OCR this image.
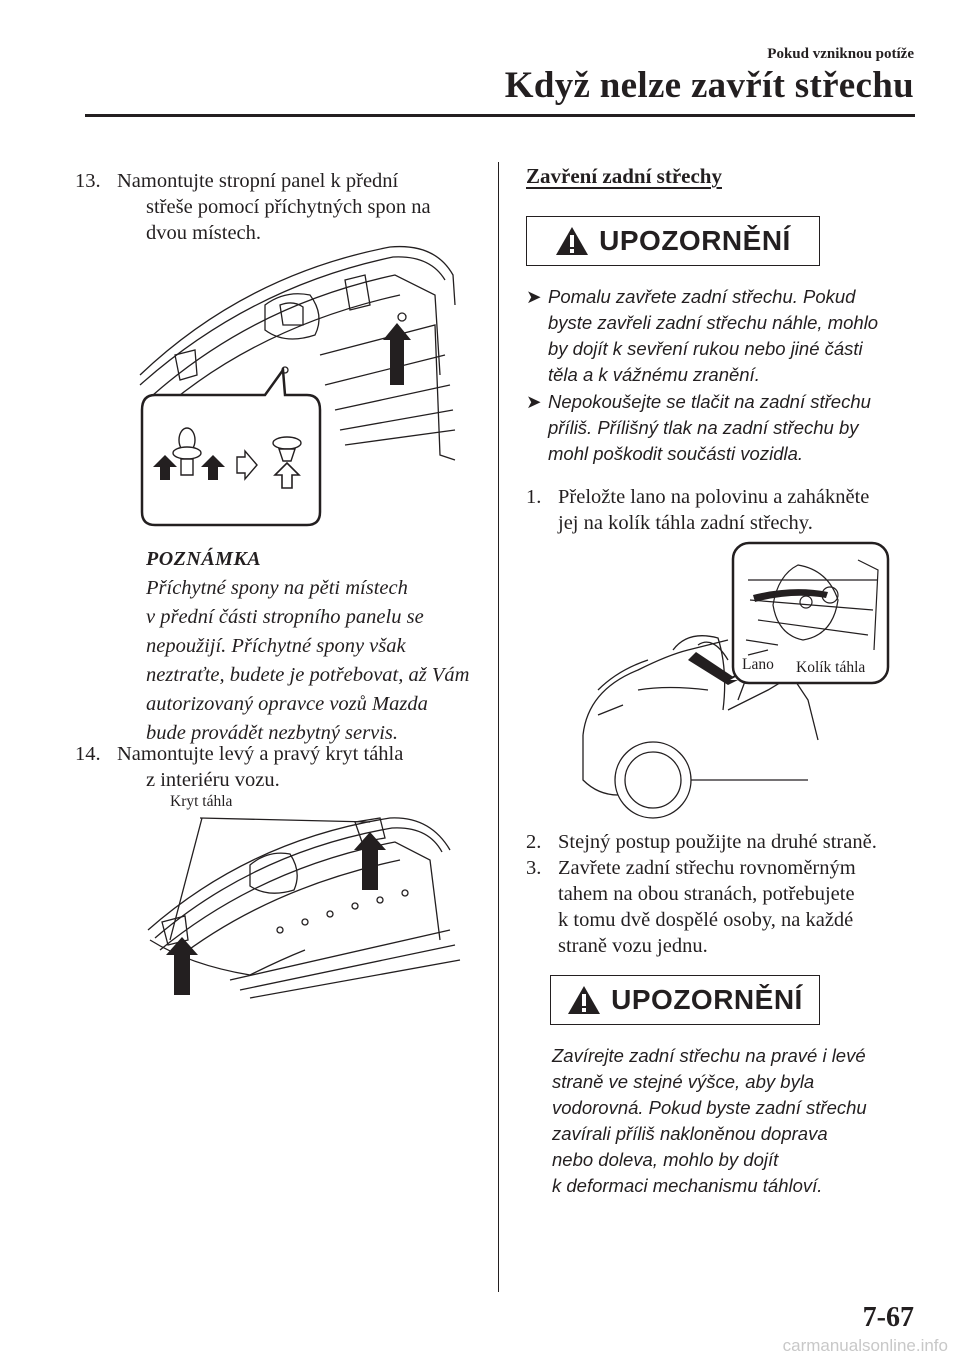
Pokud vzniknou potíže
Když nelze zavřít střechu
13. Namontujte stropní panel k přední
střeše pomocí příchytných spon na
dvou místech.
POZNÁMKA
Příchytné spony na pěti místech
v přední části stropního panelu se
nepoužijí. Příchytné spony však
neztraťte, budete je potřebovat, až Vám
autorizovaný opravce vozů Mazda
bude provádět nezbytný servis.
14. Namontujte levý a pravý kryt táhla
z interiéru vozu.
Kryt táhla
Zavření zadní střechy
UPOZORNĚNÍ
➤ Pomalu zavřete zadní střechu. Pokud
byste zavřeli zadní střechu náhle, mohlo
by dojít k sevření rukou nebo jiné části
těla a k vážnému zranění.
➤ Nepokoušejte se tlačit na zadní střechu
příliš. Přílišný tlak na zadní střechu by
mohl poškodit součásti vozidla.
1. Přeložte lano na polovinu a zahákněte
jej na kolík táhla zadní střechy.
Lano Kolík táhla
2. Stejný postup použijte na druhé straně.
3. Zavřete zadní střechu rovnoměrným
tahem na obou stranách, potřebujete
k tomu dvě dospělé osoby, na každé
straně vozu jednu.
UPOZORNĚNÍ
Zavírejte zadní střechu na pravé i levé
straně ve stejné výšce, aby byla
vodorovná. Pokud byste zadní střechu
zavírali příliš nakloněnou doprava
nebo doleva, mohlo by dojít
k deformaci mechanismu táhloví.
7-67
carmanualsonline.info
